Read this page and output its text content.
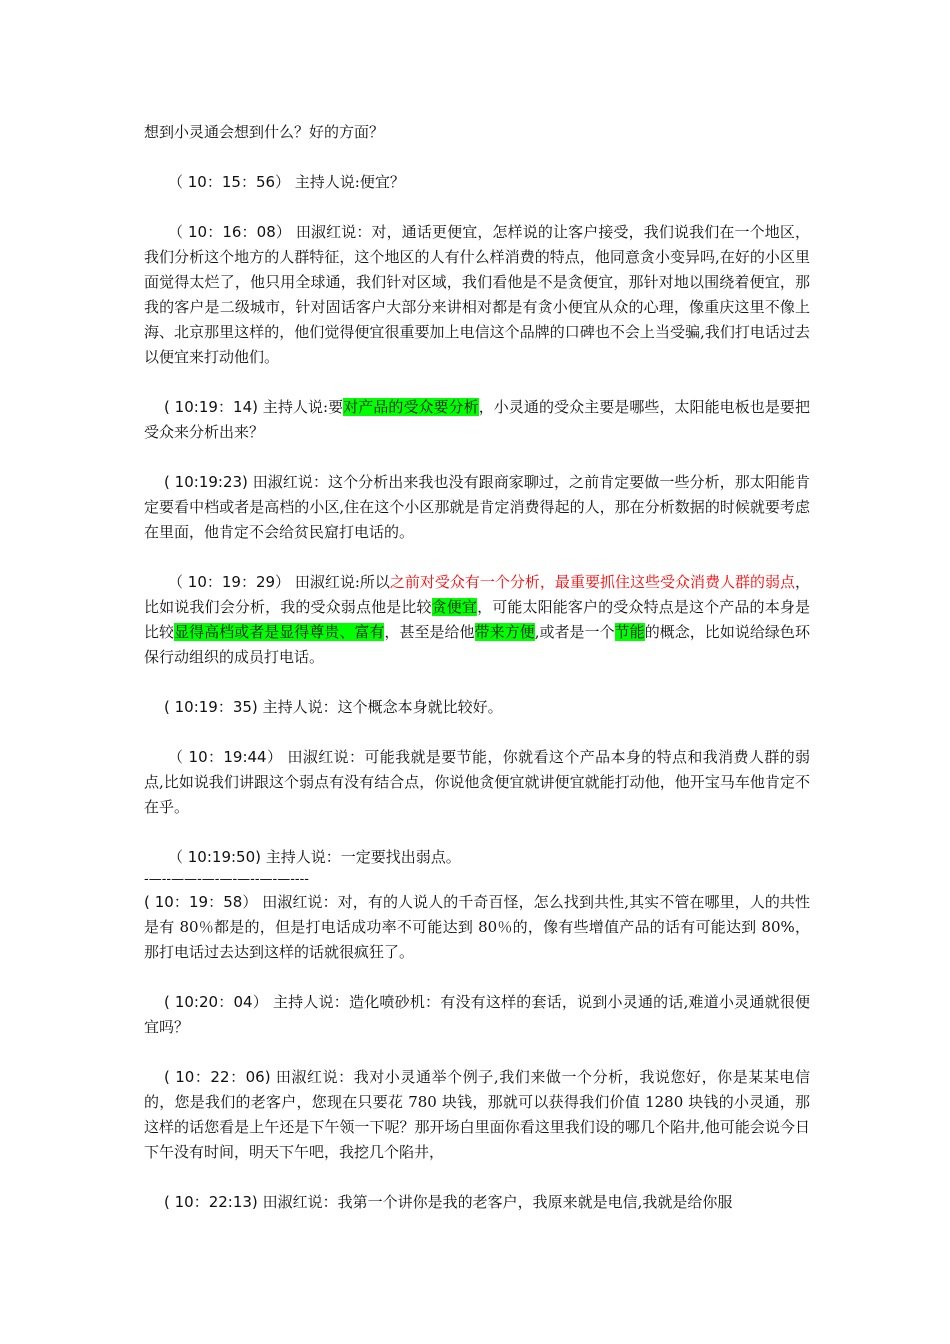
想到小灵通会想到什么？好的方面？

（ 10：15：56） 主持人说:便宜？

（ 10：16：08） 田淑红说：对，通话更便宜，怎样说的让客户接受，我们说我们在一个地区，我们分析这个地方的人群特征，这个地区的人有什么样消费的特点，他同意贪小变异吗,在好的小区里面觉得太烂了，他只用全球通，我们针对区域，我们看他是不是贪便宜，那针对地以围绕着便宜，那我的客户是二级城市，针对固话客户大部分来讲相对都是有贪小便宜从众的心理，像重庆这里不像上海、北京那里这样的，他们觉得便宜很重要加上电信这个品牌的口碑也不会上当受骗,我们打电话过去以便宜来打动他们。

( 10:19：14) 主持人说:要对产品的受众要分析，小灵通的受众主要是哪些，太阳能电板也是要把受众来分析出来？

( 10:19:23) 田淑红说：这个分析出来我也没有跟商家聊过，之前肯定要做一些分析，那太阳能肯定要看中档或者是高档的小区,住在这个小区那就是肯定消费得起的人，那在分析数据的时候就要考虑在里面，他肯定不会给贫民窟打电话的。

（ 10：19：29） 田淑红说:所以之前对受众有一个分析，最重要抓住这些受众消费人群的弱点，比如说我们会分析，我的受众弱点他是比较贪便宜，可能太阳能客户的受众特点是这个产品的本身是比较显得高档或者是显得尊贵、富有，甚至是给他带来方便,或者是一个节能的概念，比如说给绿色环保行动组织的成员打电话。

( 10:19：35) 主持人说：这个概念本身就比较好。

（ 10：19:44） 田淑红说：可能我就是要节能，你就看这个产品本身的特点和我消费人群的弱点,比如说我们讲跟这个弱点有没有结合点，你说他贪便宜就讲便宜就能打动他，他开宝马车他肯定不在乎。

（ 10:19:50) 主持人说：一定要找出弱点。

-—--——-—-—-—--—-—----

( 10：19：58） 田淑红说：对，有的人说人的千奇百怪，怎么找到共性,其实不管在哪里，人的共性是有 80％都是的，但是打电话成功率不可能达到 80％的，像有些增值产品的话有可能达到 80%，那打电话过去达到这样的话就很疯狂了。

( 10:20：04） 主持人说：造化喷砂机：有没有这样的套话，说到小灵通的话,难道小灵通就很便宜吗？

( 10：22：06) 田淑红说：我对小灵通举个例子,我们来做一个分析，我说您好，你是某某电信的，您是我们的老客户，您现在只要花 780 块钱，那就可以获得我们价值 1280 块钱的小灵通，那这样的话您看是上午还是下午领一下呢？那开场白里面你看这里我们设的哪几个陷井,他可能会说今日下午没有时间，明天下午吧，我挖几个陷井，

( 10：22:13) 田淑红说：我第一个讲你是我的老客户，我原来就是电信,我就是给你服
